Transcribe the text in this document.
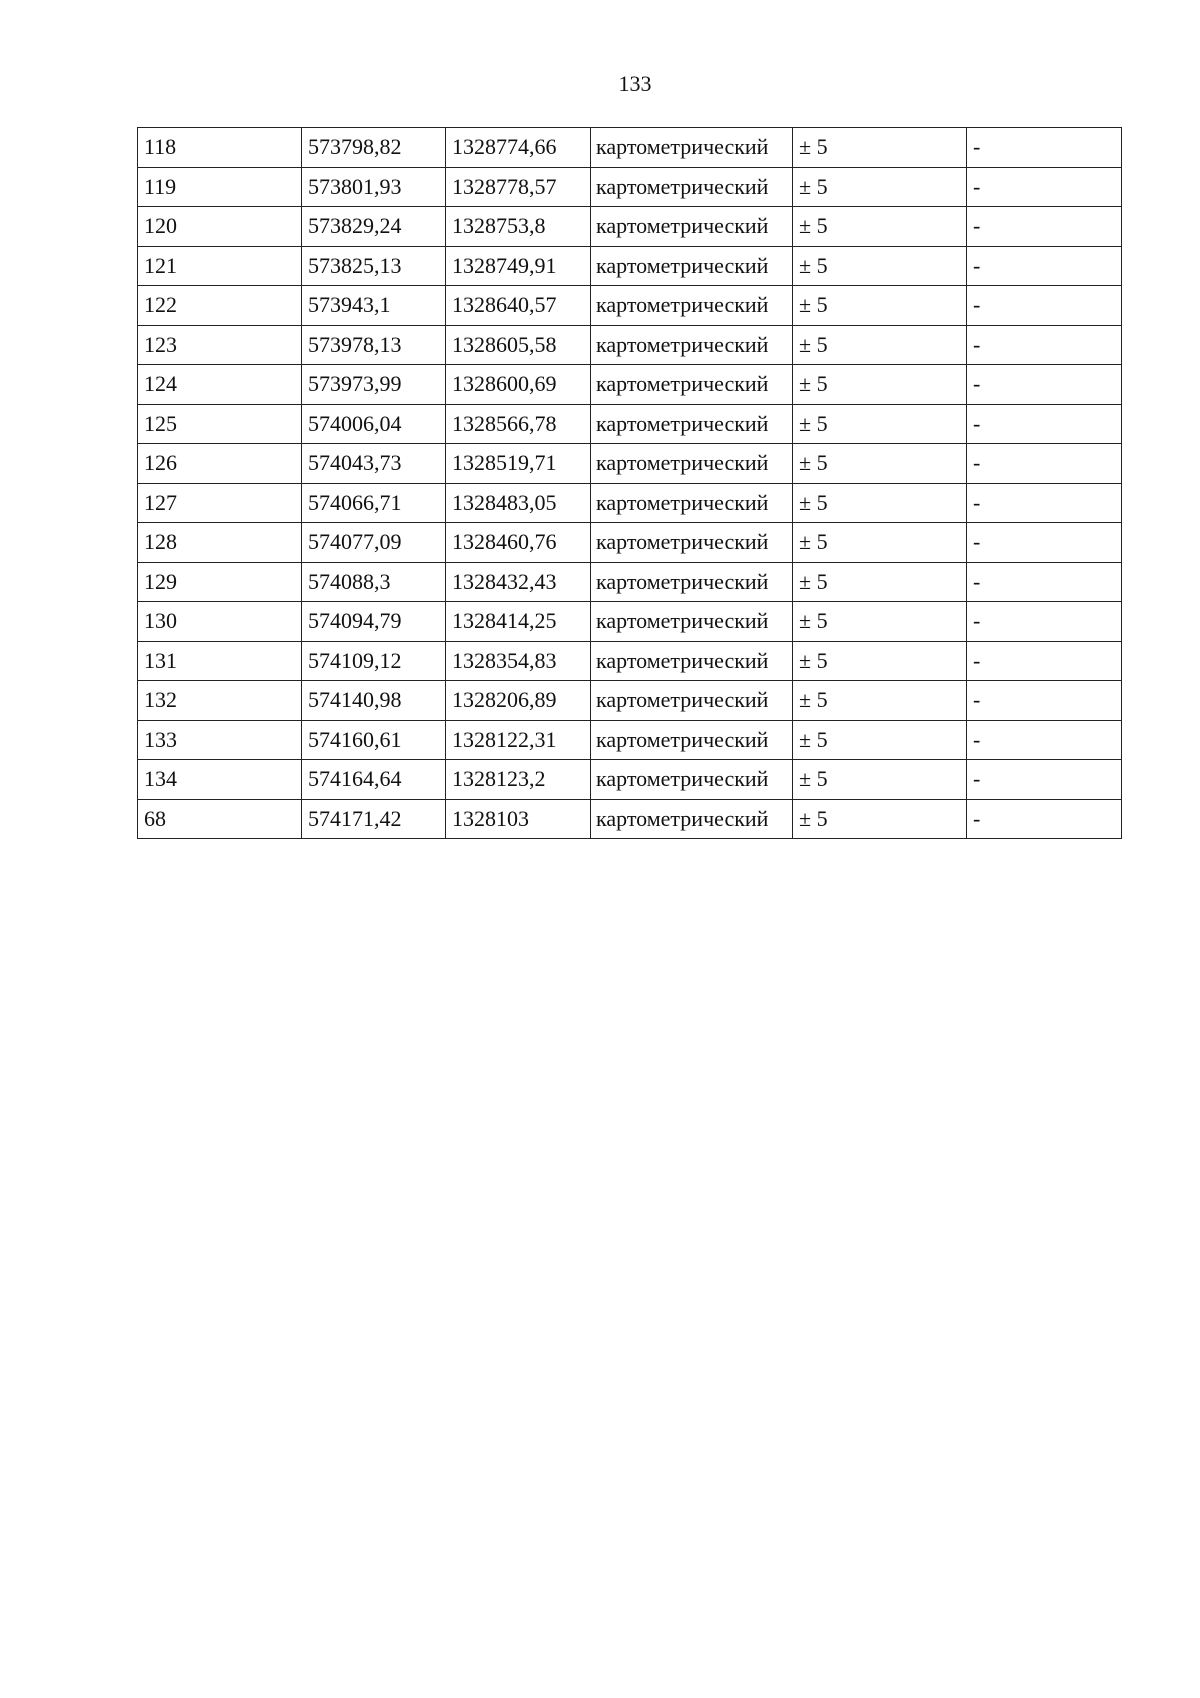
133
118	573798,82	1328774,66	картометрический	± 5	-
119	573801,93	1328778,57	картометрический	± 5	-
120	573829,24	1328753,8	картометрический	± 5	-
121	573825,13	1328749,91	картометрический	± 5	-
122	573943,1	1328640,57	картометрический	± 5	-
123	573978,13	1328605,58	картометрический	± 5	-
124	573973,99	1328600,69	картометрический	± 5	-
125	574006,04	1328566,78	картометрический	± 5	-
126	574043,73	1328519,71	картометрический	± 5	-
127	574066,71	1328483,05	картометрический	± 5	-
128	574077,09	1328460,76	картометрический	± 5	-
129	574088,3	1328432,43	картометрический	± 5	-
130	574094,79	1328414,25	картометрический	± 5	-
131	574109,12	1328354,83	картометрический	± 5	-
132	574140,98	1328206,89	картометрический	± 5	-
133	574160,61	1328122,31	картометрический	± 5	-
134	574164,64	1328123,2	картометрический	± 5	-
68	574171,42	1328103	картометрический	± 5	-
